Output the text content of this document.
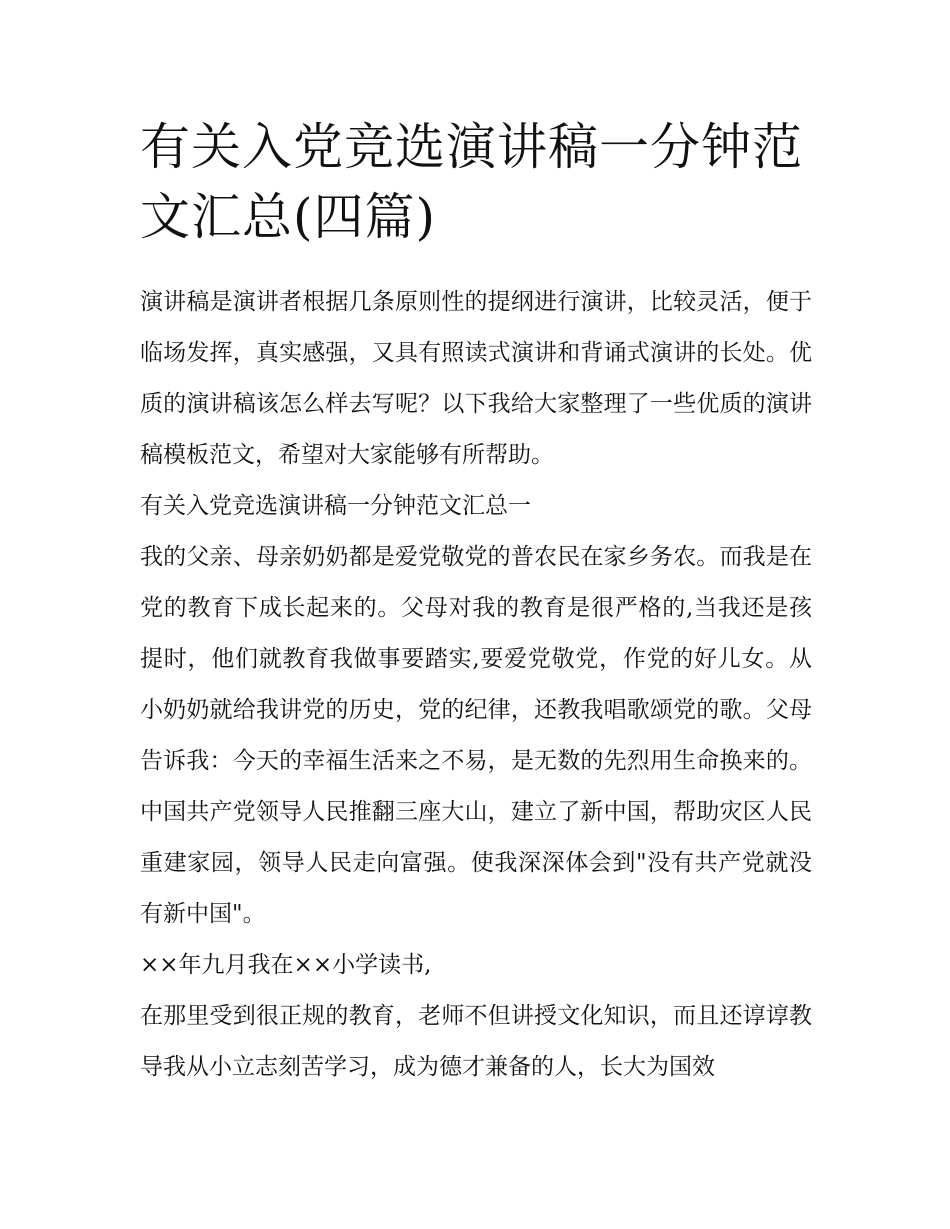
有关入党竞选演讲稿一分钟范文汇总(四篇)

演讲稿是演讲者根据几条原则性的提纲进行演讲，比较灵活，便于临场发挥，真实感强，又具有照读式演讲和背诵式演讲的长处。优质的演讲稿该怎么样去写呢？以下我给大家整理了一些优质的演讲稿模板范文，希望对大家能够有所帮助。

有关入党竞选演讲稿一分钟范文汇总一

我的父亲、母亲奶奶都是爱党敬党的普农民在家乡务农。而我是在党的教育下成长起来的。父母对我的教育是很严格的,当我还是孩提时，他们就教育我做事要踏实,要爱党敬党，作党的好儿女。从小奶奶就给我讲党的历史，党的纪律，还教我唱歌颂党的歌。父母告诉我：今天的幸福生活来之不易，是无数的先烈用生命换来的。中国共产党领导人民推翻三座大山，建立了新中国，帮助灾区人民重建家园，领导人民走向富强。使我深深体会到"没有共产党就没有新中国"。

××年九月我在××小学读书,

在那里受到很正规的教育，老师不但讲授文化知识，而且还谆谆教导我从小立志刻苦学习，成为德才兼备的人，长大为国效
